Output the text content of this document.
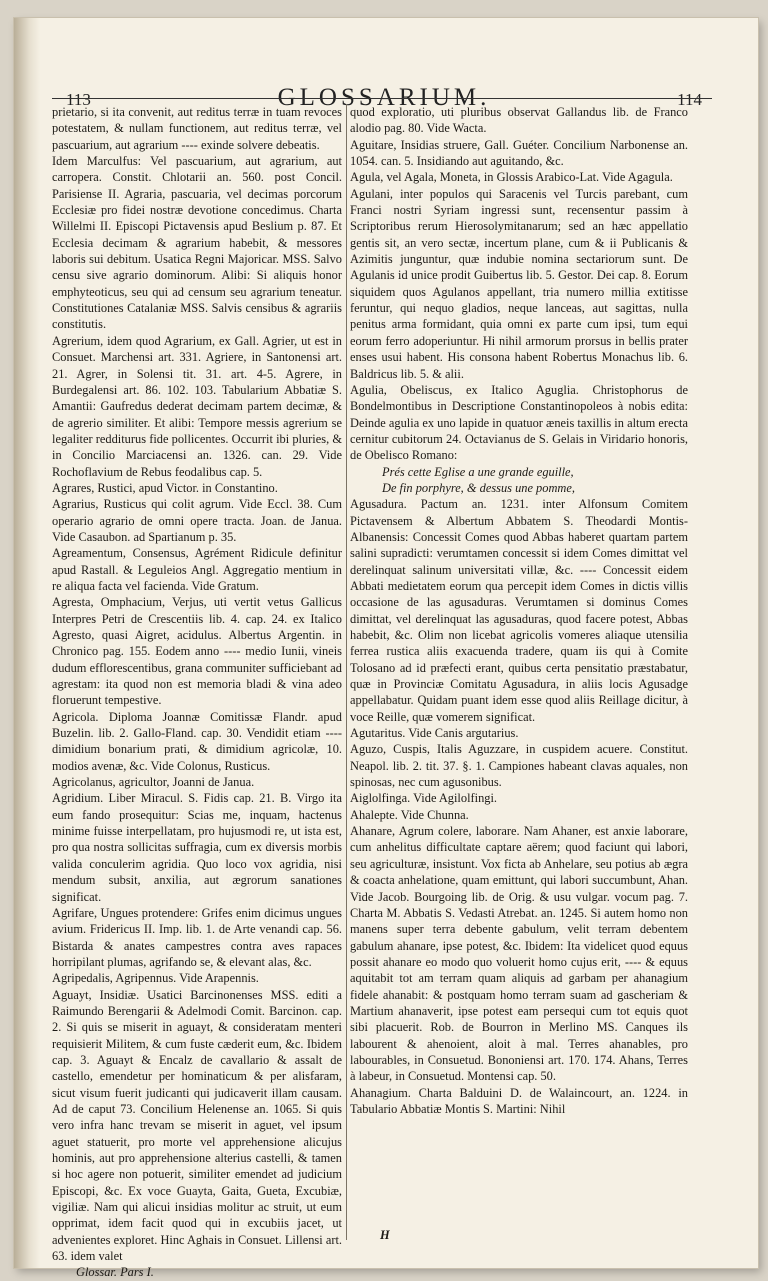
113	GLOSSARIUM.	114

prietario, si ita convenit, aut reditus terræ in tuam revoces potestatem, & nullam functionem, aut reditus terræ, vel pascuarium, aut agrarium ---- exinde solvere debeatis.

Idem Marculfus: Vel pascuarium, aut agrarium, aut carropera. Constit. Chlotarii an. 560. post Concil. Parisiense II. Agraria, pascuaria, vel decimas porcorum Ecclesiæ pro fidei nostræ devotione concedimus. Charta Willelmi II. Episcopi Pictavensis apud Beslium p. 87. Et Ecclesia decimam & agrarium habebit, & messores laboris sui debitum. Usatica Regni Majoricar. MSS. Salvo censu sive agrario dominorum. Alibi: Si aliquis honor emphyteoticus, seu qui ad censum seu agrarium teneatur. Constitutiones Catalaniæ MSS. Salvis censibus & agrariis constitutis.

Agrerium, idem quod Agrarium, ex Gall. Agrier, ut est in Consuet. Marchensi art. 331. Agriere, in Santonensi art. 21. Agrer, in Solensi tit. 31. art. 4-5. Agrere, in Burdegalensi art. 86. 102. 103. Tabularium Abbatiæ S. Amantii: Gaufredus dederat decimam partem decimæ, & de agrerio similiter. Et alibi: Tempore messis agrerium se legaliter redditurus fide pollicentes. Occurrit ibi pluries, & in Concilio Marciacensi an. 1326. can. 29. Vide Rochoflavium de Rebus feodalibus cap. 5.

Agrares, Rustici, apud Victor. in Constantino.

Agrarius, Rusticus qui colit agrum. Vide Eccl. 38. Cum operario agrario de omni opere tracta. Joan. de Janua. Vide Casaubon. ad Spartianum p. 35.

Agreamentum, Consensus, Agrément Ridicule definitur apud Rastall. & Leguleios Angl. Aggregatio mentium in re aliqua facta vel facienda. Vide Gratum.

Agresta, Omphacium, Verjus, uti vertit vetus Gallicus Interpres Petri de Crescentiis lib. 4. cap. 24. ex Italico Agresto, quasi Aigret, acidulus. Albertus Argentin. in Chronico pag. 155. Eodem anno ---- medio Iunii, vineis dudum efflorescentibus, grana communiter sufficiebant ad agrestam: ita quod non est memoria bladi & vina adeo floruerunt tempestive.

Agricola. Diploma Joannæ Comitissæ Flandr. apud Buzelin. lib. 2. Gallo-Fland. cap. 30. Vendidit etiam ---- dimidium bonarium prati, & dimidium agricolæ, 10. modios avenæ, &c. Vide Colonus, Rusticus.

Agricolanus, agricultor, Joanni de Janua.

Agridium. Liber Miracul. S. Fidis cap. 21. B. Virgo ita eum fando prosequitur: Scias me, inquam, hactenus minime fuisse interpellatam, pro hujusmodi re, ut ista est, pro qua nostra sollicitas suffragia, cum ex diversis morbis valida conculerim agridia. Quo loco vox agridia, nisi mendum subsit, anxilia, aut ægrorum sanationes significat.

Agrifare, Ungues protendere: Grifes enim dicimus ungues avium. Fridericus II. Imp. lib. 1. de Arte venandi cap. 56. Bistarda & anates campestres contra aves rapaces horripilant plumas, agrifando se, & elevant alas, &c.

Agripedalis, Agripennus. Vide Arapennis.

Aguayt, Insidiæ. Usatici Barcinonenses MSS. editi a Raimundo Berengarii & Adelmodi Comit. Barcinon. cap. 2. Si quis se miserit in aguayt, & consideratam menteri requisierit Militem, & cum fuste cæderit eum, &c. Ibidem cap. 3. Aguayt & Encalz de cavallario & assalt de castello, emendetur per hominaticum & per alisfaram, sicut visum fuerit judicanti qui judicaverit illam causam. Ad de caput 73. Concilium Helenense an. 1065. Si quis vero infra hanc trevam se miserit in aguet, vel ipsum aguet statuerit, pro morte vel apprehensione alicujus hominis, aut pro apprehensione alterius castelli, & tamen si hoc agere non potuerit, similiter emendet ad judicium Episcopi, &c. Ex voce Guayta, Gaita, Gueta, Excubiæ, vigiliæ. Nam qui alicui insidias molitur ac struit, ut eum opprimat, idem facit quod qui in excubiis jacet, ut advenientes exploret. Hinc Aghais in Consuet. Lillensi art. 63. idem valet

Glossar. Pars I.

quod exploratio, uti pluribus observat Gallandus lib. de Franco alodio pag. 80. Vide Wacta.

Aguitare, Insidias struere, Gall. Guéter. Concilium Narbonense an. 1054. can. 5. Insidiando aut aguitando, &c.

Agula, vel Agala, Moneta, in Glossis Arabico-Lat. Vide Agagula.

Agulani, inter populos qui Saracenis vel Turcis parebant, cum Franci nostri Syriam ingressi sunt, recensentur passim à Scriptoribus rerum Hierosolymitanarum; sed an hæc appellatio gentis sit, an vero sectæ, incertum plane, cum & ii Publicanis & Azimitis junguntur, quæ indubie nomina sectariorum sunt. De Agulanis id unice prodit Guibertus lib. 5. Gestor. Dei cap. 8. Eorum siquidem quos Agulanos appellant, tria numero millia extitisse feruntur, qui nequo gladios, neque lanceas, aut sagittas, nulla penitus arma formidant, quia omni ex parte cum ipsi, tum equi eorum ferro adoperiuntur. Hi nihil armorum prorsus in bellis prater enses usui habent. His consona habent Robertus Monachus lib. 6. Baldricus lib. 5. & alii.

Agulia, Obeliscus, ex Italico Aguglia. Christophorus de Bondelmontibus in Descriptione Constantinopoleos à nobis edita: Deinde agulia ex uno lapide in quatuor æneis taxillis in altum erecta cernitur cubitorum 24. Octavianus de S. Gelais in Viridario honoris, de Obelisco Romano:

Prés cette Eglise a une grande eguille,

De fin porphyre, & dessus une pomme,

Agusadura. Pactum an. 1231. inter Alfonsum Comitem Pictavensem & Albertum Abbatem S. Theodardi Montis-Albanensis: Concessit Comes quod Abbas haberet quartam partem salini supradicti: verumtamen concessit si idem Comes dimittat vel derelinquat salinum universitati villæ, &c. ---- Concessit eidem Abbati medietatem eorum qua percepit idem Comes in dictis villis occasione de las agusaduras. Verumtamen si dominus Comes dimittat, vel derelinquat las agusaduras, quod facere potest, Abbas habebit, &c. Olim non licebat agricolis vomeres aliaque utensilia ferrea rustica aliis exacuenda tradere, quam iis qui à Comite Tolosano ad id præfecti erant, quibus certa pensitatio præstabatur, quæ in Provinciæ Comitatu Agusadura, in aliis locis Agusadge appellabatur. Quidam puant idem esse quod aliis Reillage dicitur, à voce Reille, quæ vomerem significat.

Agutaritus. Vide Canis argutarius.

Aguzo, Cuspis, Italis Aguzzare, in cuspidem acuere. Constitut. Neapol. lib. 2. tit. 37. §. 1. Campiones habeant clavas aquales, non spinosas, nec cum agusonibus.

Aiglolfinga. Vide Agilolfingi.

Ahalepte. Vide Chunna.

Ahanare, Agrum colere, laborare. Nam Ahaner, est anxie laborare, cum anhelitus difficultate captare aërem; quod faciunt qui labori, seu agriculturæ, insistunt. Vox ficta ab Anhelare, seu potius ab ægra & coacta anhelatione, quam emittunt, qui labori succumbunt, Ahan. Vide Jacob. Bourgoing lib. de Orig. & usu vulgar. vocum pag. 7. Charta M. Abbatis S. Vedasti Atrebat. an. 1245. Si autem homo non manens super terra debente gabulum, velit terram debentem gabulum ahanare, ipse potest, &c. Ibidem: Ita videlicet quod equus possit ahanare eo modo quo voluerit homo cujus erit, ---- & equus aquitabit tot am terram quam aliquis ad garbam per ahanagium fidele ahanabit: & postquam homo terram suam ad gascheriam & Martium ahanaverit, ipse potest eam persequi cum tot equis quot sibi placuerit. Rob. de Bourron in Merlino MS. Canques ils labourent & ahenoient, aloit à mal. Terres ahanables, pro labourables, in Consuetud. Bononiensi art. 170. 174. Ahans, Terres à labeur, in Consuetud. Montensi cap. 50.

Ahanagium. Charta Balduini D. de Walaincourt, an. 1224. in Tabulario Abbatiæ Montis S. Martini: Nihil

H
